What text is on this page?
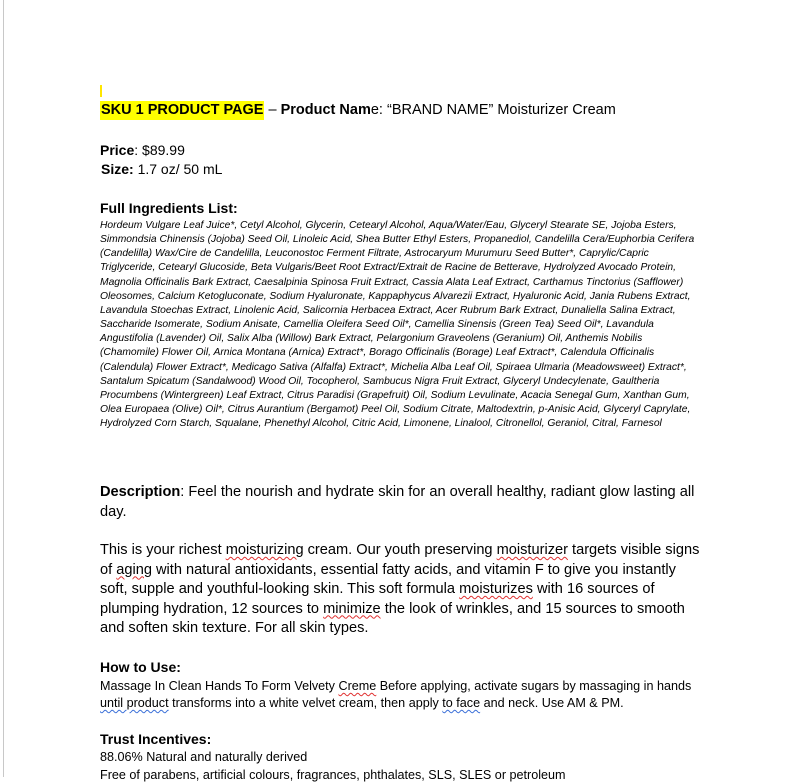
SKU 1 PRODUCT PAGE – Product Name: “BRAND NAME” Moisturizer Cream
Price: $89.99
Size: 1.7 oz/ 50 mL
Full Ingredients List:
Hordeum Vulgare Leaf Juice*, Cetyl Alcohol, Glycerin, Cetearyl Alcohol, Aqua/Water/Eau, Glyceryl Stearate SE, Jojoba Esters, Simmondsia Chinensis (Jojoba) Seed Oil, Linoleic Acid, Shea Butter Ethyl Esters, Propanediol, Candelilla Cera/Euphorbia Cerifera (Candelilla) Wax/Cire de Candelilla, Leuconostoc Ferment Filtrate, Astrocaryum Murumuru Seed Butter*, Caprylic/Capric Triglyceride, Cetearyl Glucoside, Beta Vulgaris/Beet Root Extract/Extrait de Racine de Betterave, Hydrolyzed Avocado Protein, Magnolia Officinalis Bark Extract, Caesalpinia Spinosa Fruit Extract, Cassia Alata Leaf Extract, Carthamus Tinctorius (Safflower) Oleosomes, Calcium Ketogluconate, Sodium Hyaluronate, Kappaphycus Alvarezii Extract, Hyaluronic Acid, Jania Rubens Extract, Lavandula Stoechas Extract, Linolenic Acid, Salicornia Herbacea Extract, Acer Rubrum Bark Extract, Dunaliella Salina Extract, Saccharide Isomerate, Sodium Anisate, Camellia Oleifera Seed Oil*, Camellia Sinensis (Green Tea) Seed Oil*, Lavandula Angustifolia (Lavender) Oil, Salix Alba (Willow) Bark Extract, Pelargonium Graveolens (Geranium) Oil, Anthemis Nobilis (Chamomile) Flower Oil, Arnica Montana (Arnica) Extract*, Borago Officinalis (Borage) Leaf Extract*, Calendula Officinalis (Calendula) Flower Extract*, Medicago Sativa (Alfalfa) Extract*, Michelia Alba Leaf Oil, Spiraea Ulmaria (Meadowsweet) Extract*, Santalum Spicatum (Sandalwood) Wood Oil, Tocopherol, Sambucus Nigra Fruit Extract, Glyceryl Undecylenate, Gaultheria Procumbens (Wintergreen) Leaf Extract, Citrus Paradisi (Grapefruit) Oil, Sodium Levulinate, Acacia Senegal Gum, Xanthan Gum, Olea Europaea (Olive) Oil*, Citrus Aurantium (Bergamot) Peel Oil, Sodium Citrate, Maltodextrin, p-Anisic Acid, Glyceryl Caprylate, Hydrolyzed Corn Starch, Squalane, Phenethyl Alcohol, Citric Acid, Limonene, Linalool, Citronellol, Geraniol, Citral, Farnesol
Description: Feel the nourish and hydrate skin for an overall healthy, radiant glow lasting all day.
This is your richest moisturizing cream. Our youth preserving moisturizer targets visible signs of aging with natural antioxidants, essential fatty acids, and vitamin F to give you instantly soft, supple and youthful-looking skin. This soft formula moisturizes with 16 sources of plumping hydration, 12 sources to minimize the look of wrinkles, and 15 sources to smooth and soften skin texture. For all skin types.
How to Use:
Massage In Clean Hands To Form Velvety Creme Before applying, activate sugars by massaging in hands until product transforms into a white velvet cream, then apply to face and neck. Use AM & PM.
Trust Incentives:
88.06% Natural and naturally derived
Free of parabens, artificial colours, fragrances, phthalates, SLS, SLES or petroleum
